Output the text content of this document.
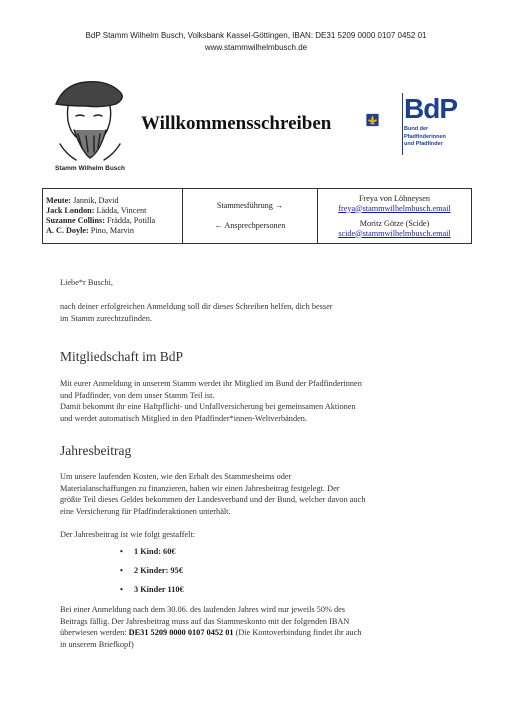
BdP Stamm Wilhelm Busch, Volksbank Kassel-Göttingen, IBAN: DE31 5209 0000 0107 0452 01
www.stammwilhelmbusch.de
Stamm Wilhelm Busch
Willkommensschreiben	BdP
Bund der
Pfadfinderinnen
und Pfadfinder
Meute: Jannik, David
Jack London: Lädda, Vincent
Suzanne Collins: Frädda, Potilla
A. C. Doyle: Pino, Marvin

Stammesführung →
← Ansprechpersonen

Freya von Löhneysen
freya@stammwilhelmbusch.email
Moritz Götze (Scide)
scide@stammwilhelmbusch.email
Liebe*r Buschi,
nach deiner erfolgreichen Anmeldung soll dir dieses Schreiben helfen, dich besser
im Stamm zurechtzufinden.
Mitgliedschaft im BdP
Mit eurer Anmeldung in unserem Stamm werdet ihr Mitglied im Bund der Pfadfinderinnen
und Pfadfinder, von dem unser Stamm Teil ist.
Damit bekommt ihr eine Haftpflicht- und Unfallversicherung bei gemeinsamen Aktionen
und werdet automatisch Mitglied in den Pfadfinder*innen-Weltverbänden.
Jahresbeitrag
Um unsere laufenden Kosten, wie den Erhalt des Stammesheims oder
Materialanschaffungen zu finanzieren, haben wir einen Jahresbeitrag festgelegt. Der
größte Teil dieses Geldes bekommen der Landesverband und der Bund, welcher davon auch
eine Versicherung für Pfadfinderaktionen unterhält.
Der Jahresbeitrag ist wie folgt gestaffelt:
• 1 Kind: 60€
• 2 Kinder: 95€
• 3 Kinder 110€
Bei einer Anmeldung nach dem 30.06. des laufenden Jahres wird nur jeweils 50% des
Beitrags fällig. Der Jahresbeitrag muss auf das Stammeskonto mit der folgenden IBAN
überwiesen werden: DE31 5209 0000 0107 0452 01 (Die Kontoverbindung findet ihr auch
in unserem Briefkopf)
